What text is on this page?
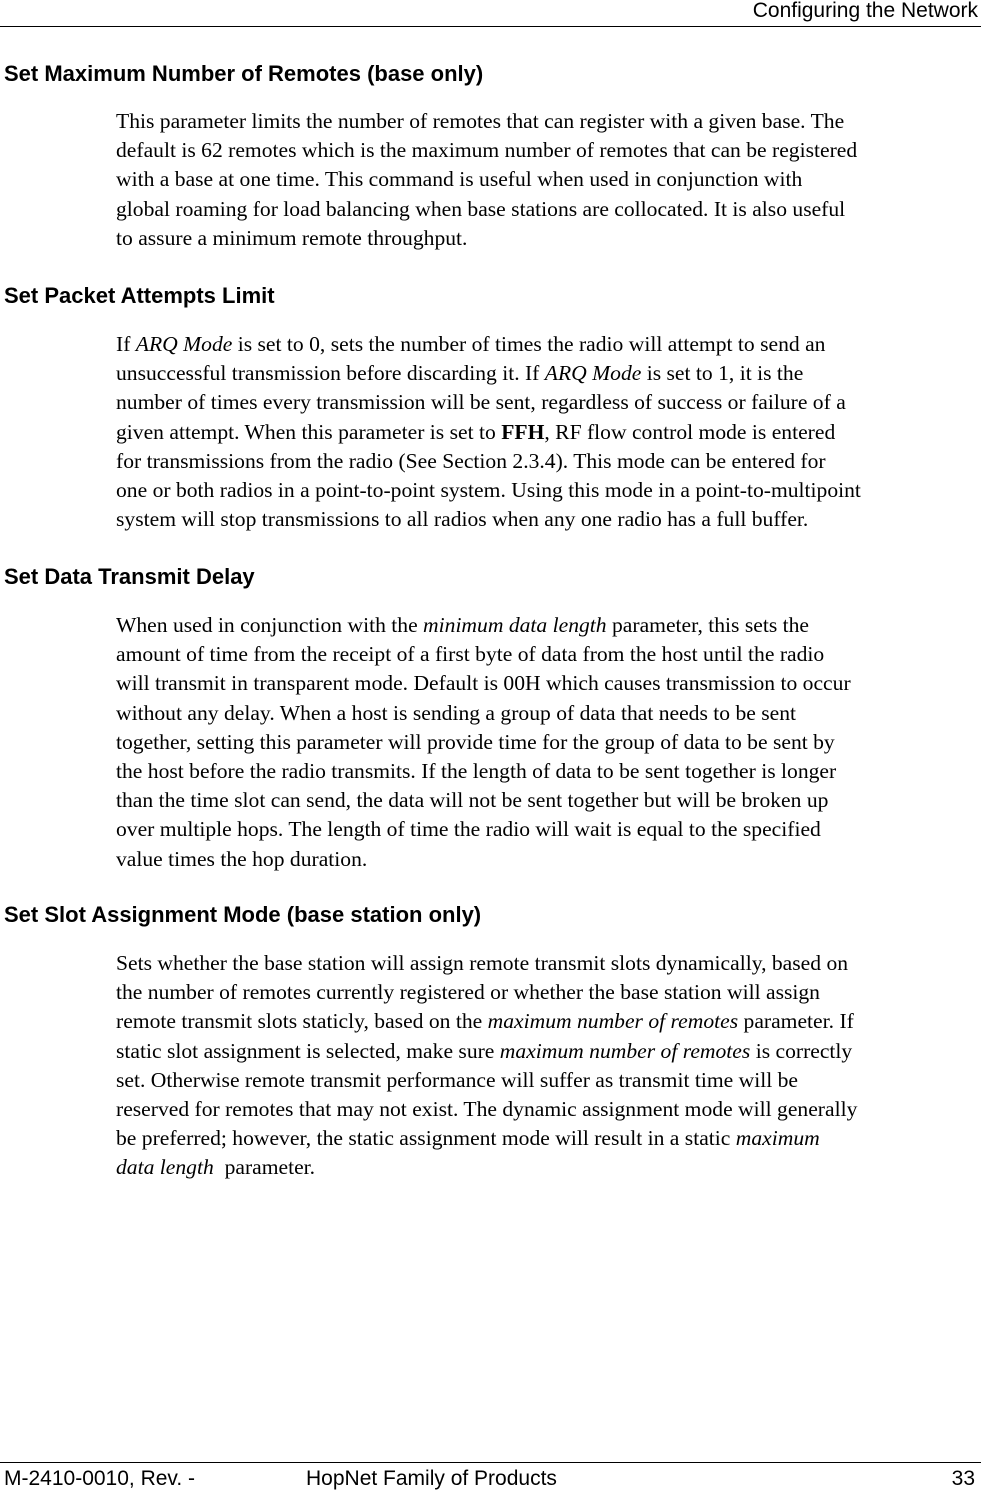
Configuring the Network
Set Maximum Number of Remotes (base only)
This parameter limits the number of remotes that can register with a given base. The
default is 62 remotes which is the maximum number of remotes that can be registered
with a base at one time. This command is useful when used in conjunction with
global roaming for load balancing when base stations are collocated. It is also useful
to assure a minimum remote throughput.
Set Packet Attempts Limit
If ARQ Mode is set to 0, sets the number of times the radio will attempt to send an
unsuccessful transmission before discarding it. If ARQ Mode is set to 1, it is the
number of times every transmission will be sent, regardless of success or failure of a
given attempt. When this parameter is set to FFH, RF flow control mode is entered
for transmissions from the radio (See Section 2.3.4). This mode can be entered for
one or both radios in a point-to-point system. Using this mode in a point-to-multipoint
system will stop transmissions to all radios when any one radio has a full buffer.
Set Data Transmit Delay
When used in conjunction with the minimum data length parameter, this sets the
amount of time from the receipt of a first byte of data from the host until the radio
will transmit in transparent mode. Default is 00H which causes transmission to occur
without any delay. When a host is sending a group of data that needs to be sent
together, setting this parameter will provide time for the group of data to be sent by
the host before the radio transmits. If the length of data to be sent together is longer
than the time slot can send, the data will not be sent together but will be broken up
over multiple hops. The length of time the radio will wait is equal to the specified
value times the hop duration.
Set Slot Assignment Mode (base station only)
Sets whether the base station will assign remote transmit slots dynamically, based on
the number of remotes currently registered or whether the base station will assign
remote transmit slots staticly, based on the maximum number of remotes parameter. If
static slot assignment is selected, make sure maximum number of remotes is correctly
set. Otherwise remote transmit performance will suffer as transmit time will be
reserved for remotes that may not exist. The dynamic assignment mode will generally
be preferred; however, the static assignment mode will result in a static maximum
data length  parameter.
M-2410-0010, Rev. -	HopNet Family of Products	33
